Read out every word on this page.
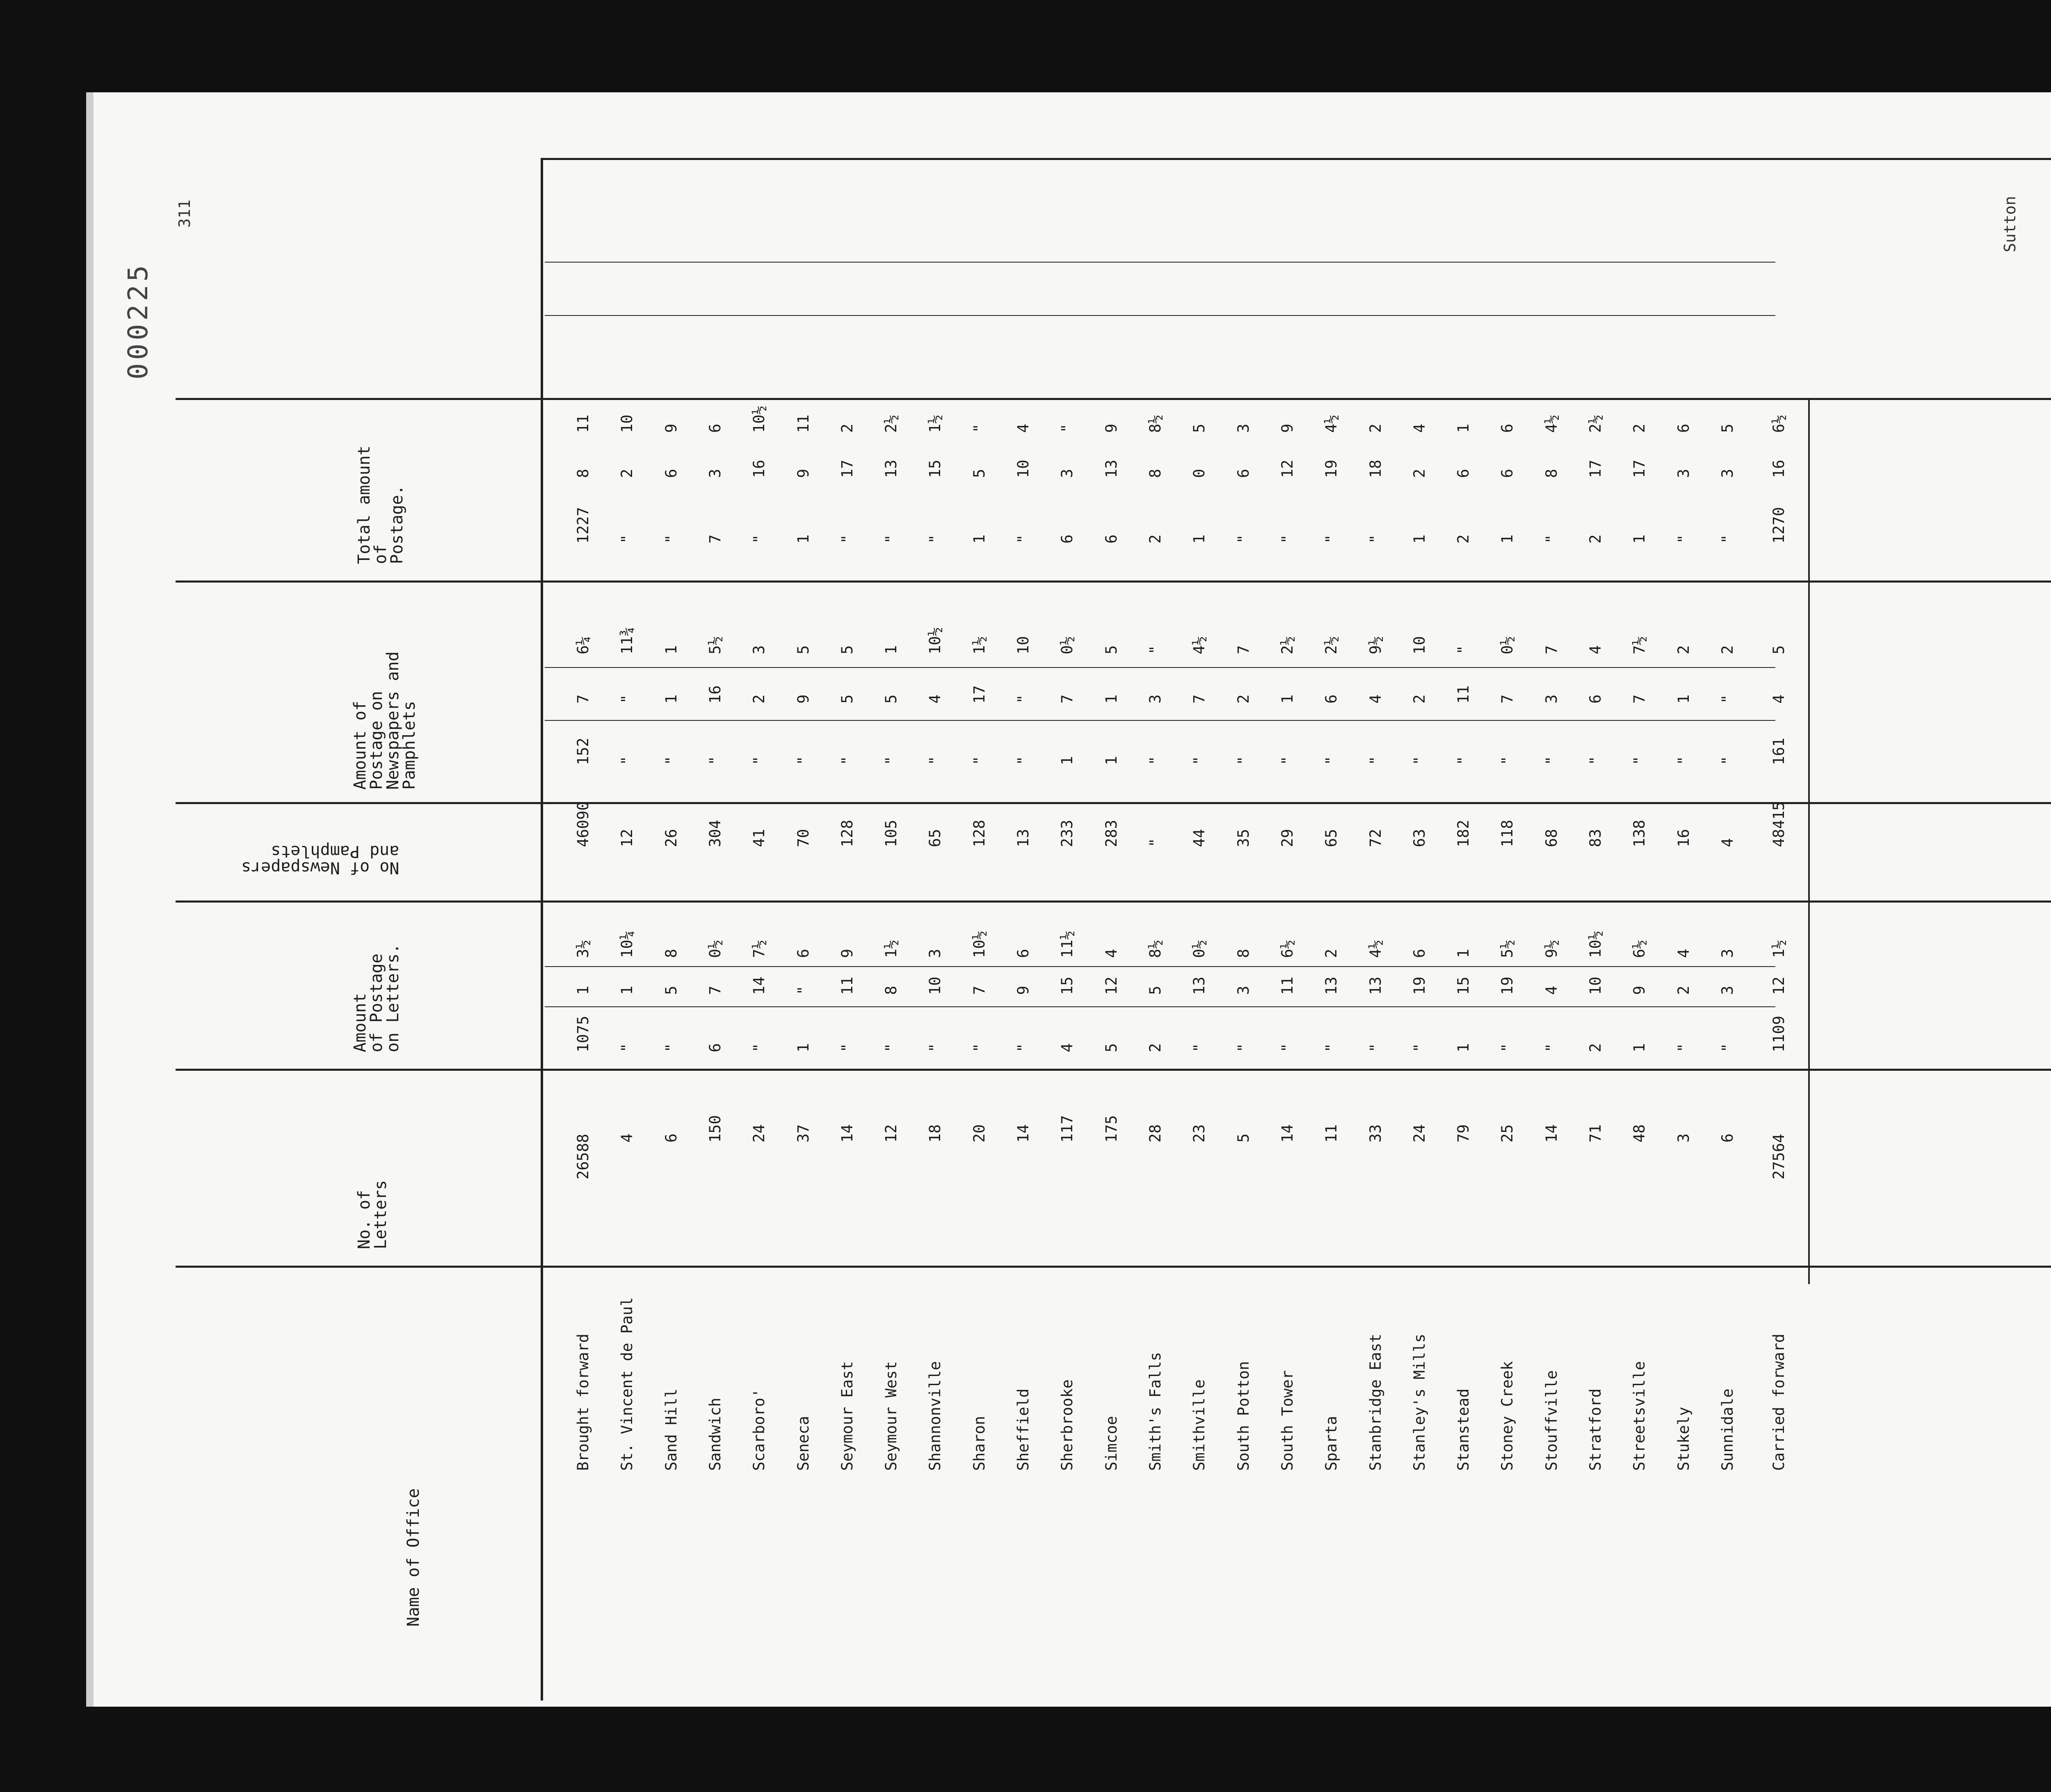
000225
311	Sutton
Name of Office
No. of
Letters
Amount
of Postage
on Letters.
No of Newspapers
and Pamphlets
Amount of
Postage on
Newspapers and
Pamphlets
Total amount
of
Postage.
Brought forward
26588
1075
1
3½
46090
152
7
6¼
1227
8
11
St. Vincent de Paul
4
"
1
10¼
12
"
"
11¾
"
2
10
Sand Hill
6
"
5
8
26
"
1
1
"
6
9
Sandwich
150
6
7
0½
304
"
16
5½
7
3
6
Scarboro'
24
"
14
7½
41
"
2
3
"
16
10½
Seneca
37
1
"
6
70
"
9
5
1
9
11
Seymour East
14
"
11
9
128
"
5
5
"
17
2
Seymour West
12
"
8
1½
105
"
5
1
"
13
2½
Shannonville
18
"
10
3
65
"
4
10½
"
15
1½
Sharon
20
"
7
10½
128
"
17
1½
1
5
"
Sheffield
14
"
9
6
13
"
"
10
"
10
4
Sherbrooke
117
4
15
11½
233
1
7
0½
6
3
"
Simcoe
175
5
12
4
283
1
1
5
6
13
9
Smith's Falls
28
2
5
8½
"
"
3
"
2
8
8½
Smithville
23
"
13
0½
44
"
7
4½
1
0
5
South Potton
5
"
3
8
35
"
2
7
"
6
3
South Tower
14
"
11
6½
29
"
1
2½
"
12
9
Sparta
11
"
13
2
65
"
6
2½
"
19
4½
Stanbridge East
33
"
13
4½
72
"
4
9½
"
18
2
Stanley's Mills
24
"
19
6
63
"
2
10
1
2
4
Stanstead
79
1
15
1
182
"
11
"
2
6
1
Stoney Creek
25
"
19
5½
118
"
7
0½
1
6
6
Stouffville
14
"
4
9½
68
"
3
7
"
8
4½
Stratford
71
2
10
10½
83
"
6
4
2
17
2½
Streetsville
48
1
9
6½
138
"
7
7½
1
17
2
Stukely
3
"
2
4
16
"
1
2
"
3
6
Sunnidale
6
"
3
3
4
"
"
2
"
3
5
Carried forward
27564
1109
12
1½
48415
161
4
5
1270
16
6½
